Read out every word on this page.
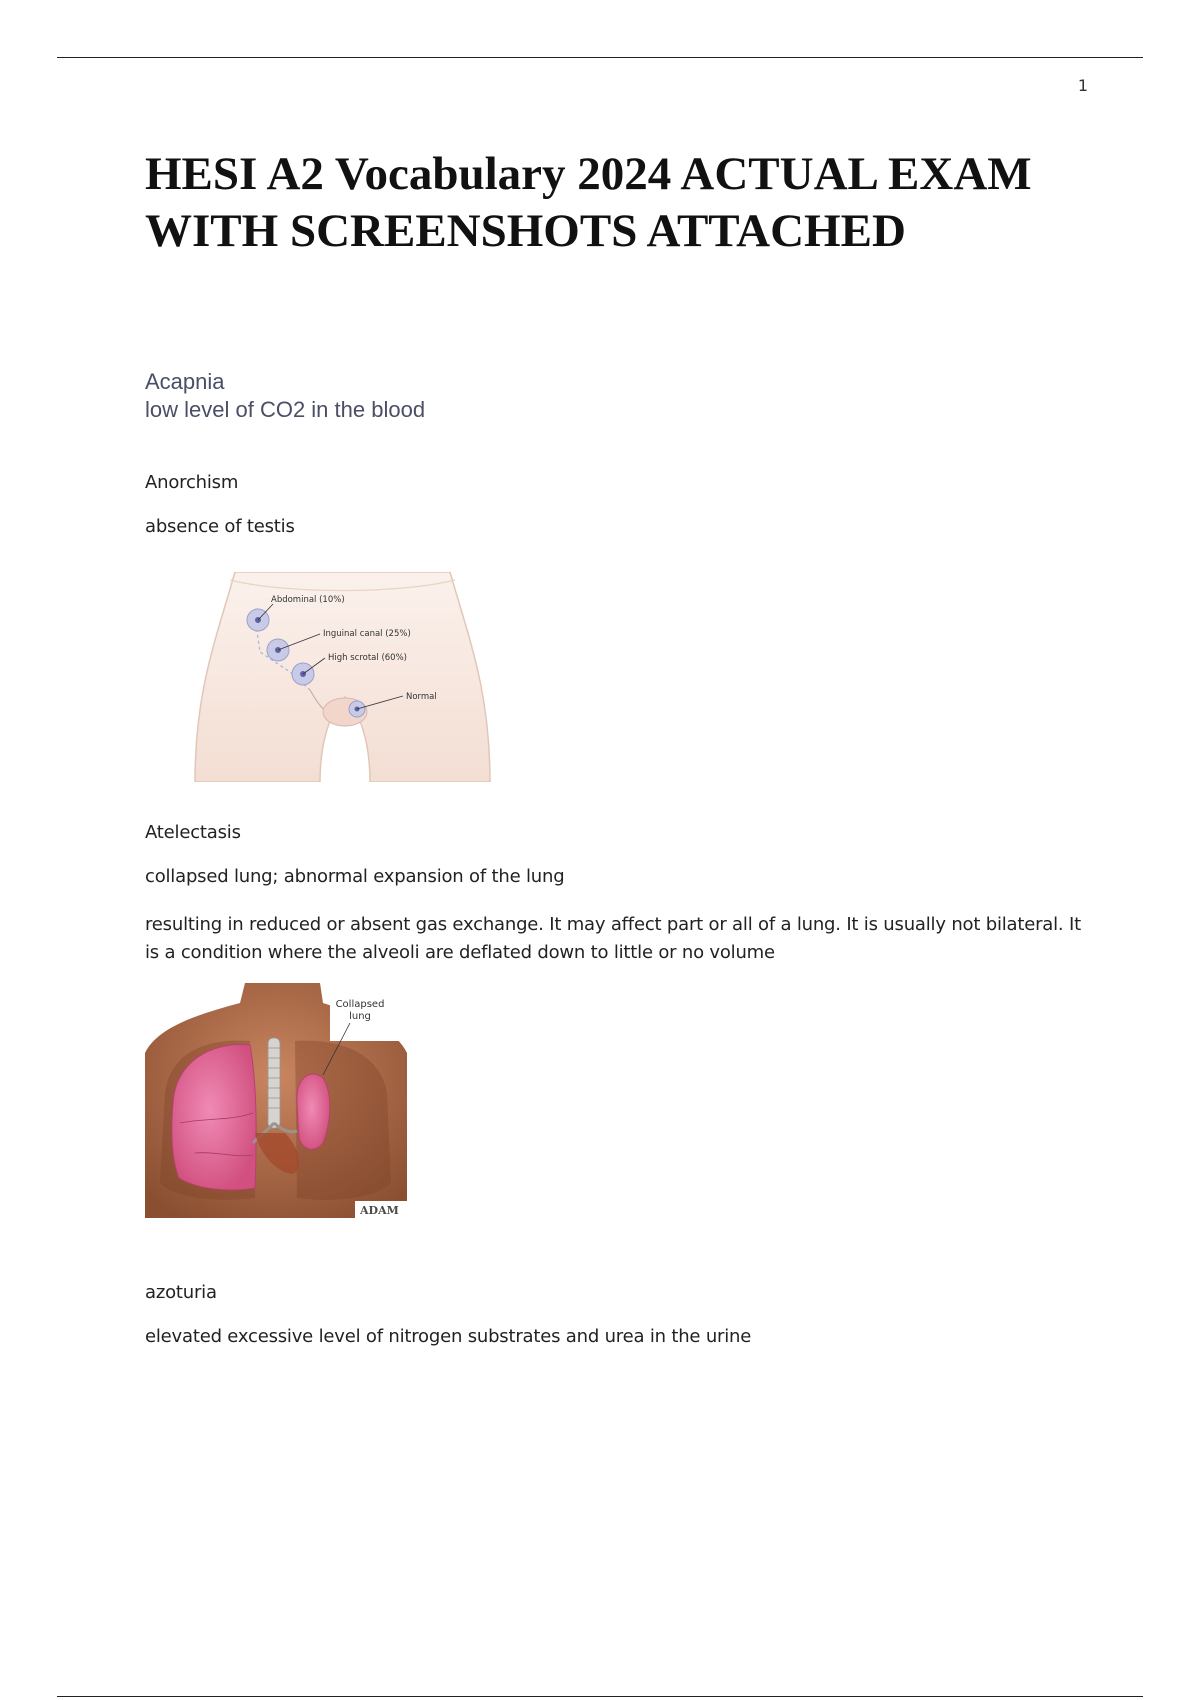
1
HESI A2 Vocabulary 2024 ACTUAL EXAM
WITH SCREENSHOTS ATTACHED
Acapnia
low level of CO2 in the blood
Anorchism
absence of testis
Abdominal (10%)
Inguinal canal (25%)
High scrotal (60%)
Normal
Atelectasis
collapsed lung; abnormal expansion of the lung
resulting in reduced or absent gas exchange. It may affect part or all of a lung. It is usually not bilateral. It
is a condition where the alveoli are deflated down to little or no volume
Collapsed
lung
ADAM
azoturia
elevated excessive level of nitrogen substrates and urea in the urine
